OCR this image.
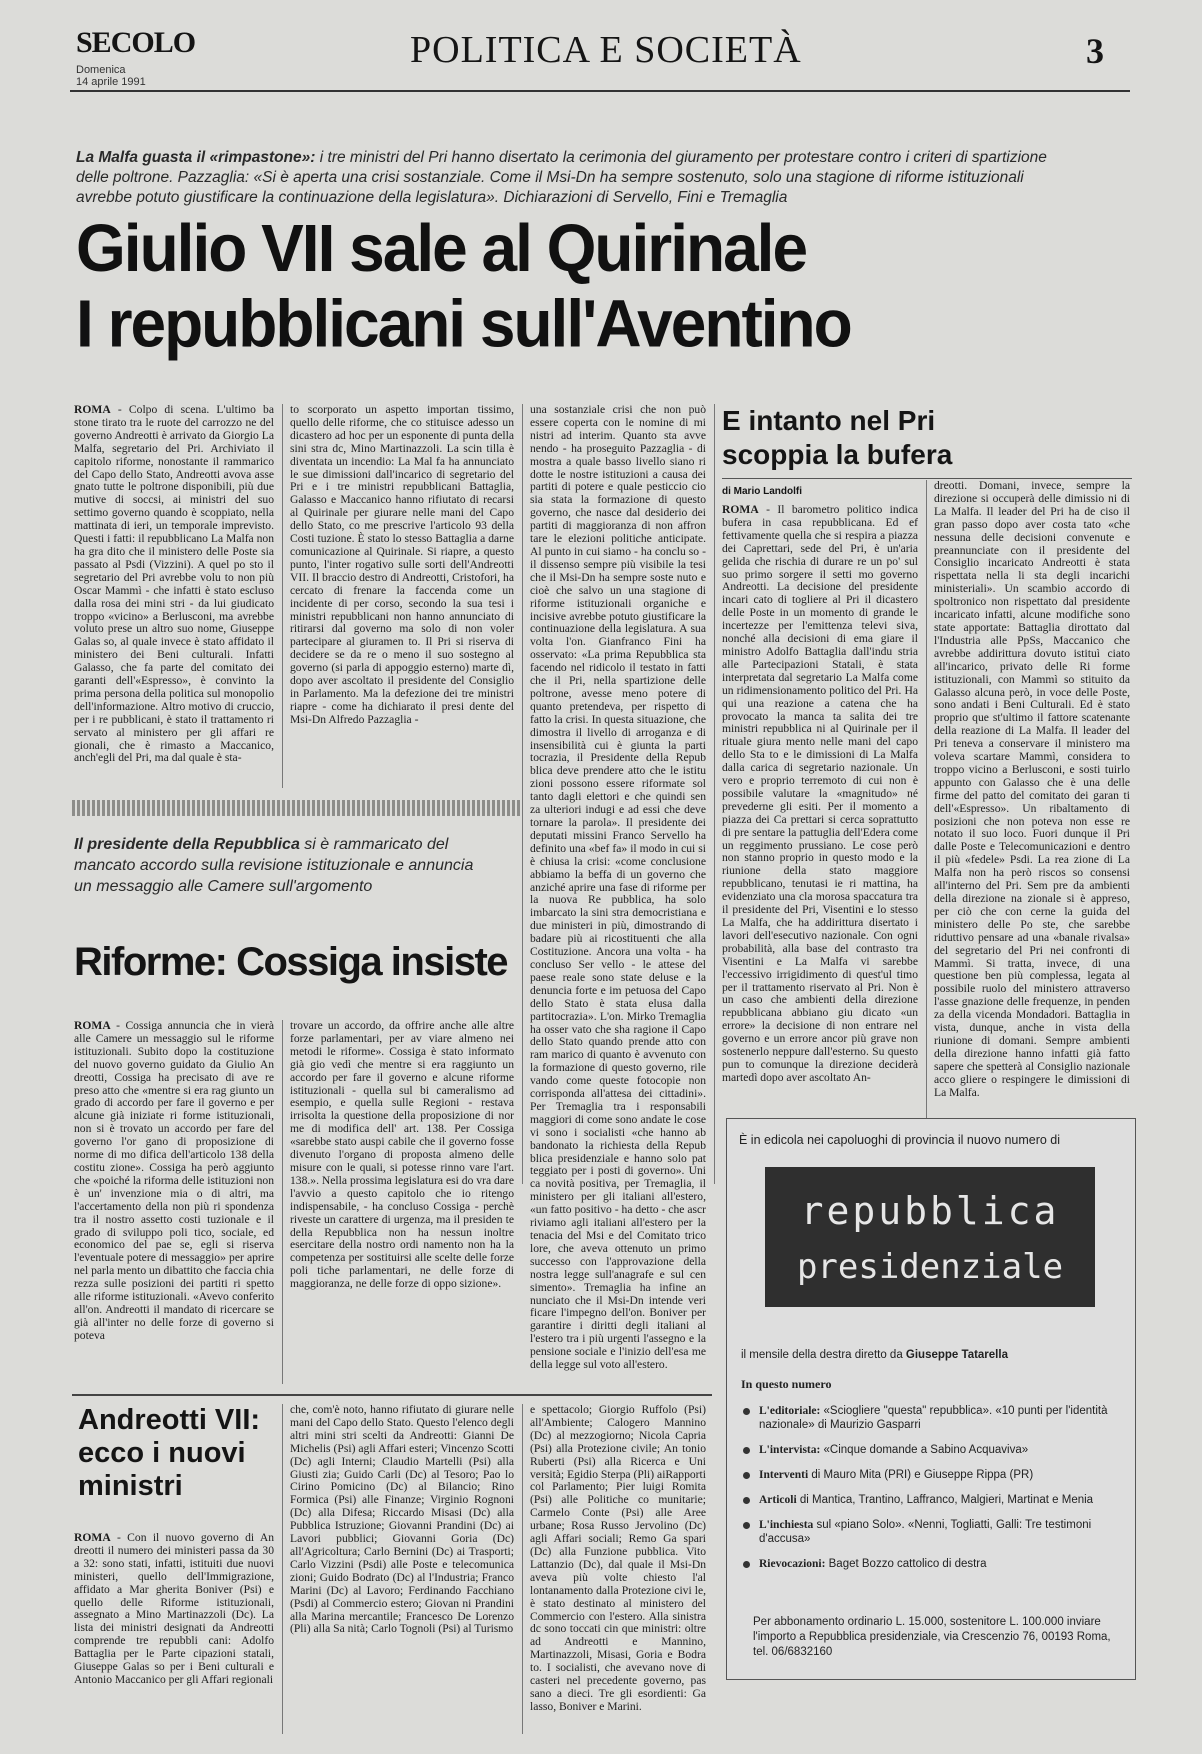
SECOLO
Domenica
14 aprile 1991
POLITICA E SOCIETÀ	3
La Malfa guasta il «rimpastone»: i tre ministri del Pri hanno disertato la cerimonia del giuramento per protestare contro i criteri di spartizione delle poltrone. Pazzaglia: «Si è aperta una crisi sostanziale. Come il Msi-Dn ha sempre sostenuto, solo una stagione di riforme istituzionali avrebbe potuto giustificare la continuazione della legislatura». Dichiarazioni di Servello, Fini e Tremaglia
Giulio VII sale al Quirinale
I repubblicani sull'Aventino
ROMA - Colpo di scena. L'ultimo ba stone tirato tra le ruote del carrozzo ne del governo Andreotti è arrivato da Giorgio La Malfa, segretario del Pri. Archiviato il capitolo riforme, nonostante il rammarico del Capo dello Stato, Andreotti avova asse gnato tutte le poltrone disponibili, più due mutive di soccsi, ai ministri del suo settimo governo quando è scoppiato, nella mattinata di ieri, un temporale imprevisto. Questi i fatti: il repubblicano La Malfa non ha gra dito che il ministero delle Poste sia passato al Psdi (Vizzini). A quel po sto il segretario del Pri avrebbe volu to non più Oscar Mammì - che infatti è stato escluso dalla rosa dei mini stri - da lui giudicato troppo «vicino» a Berlusconi, ma avrebbe voluto prese un altro suo nome, Giuseppe Galas so, al quale invece è stato affidato il ministero dei Beni culturali. Infatti Galasso, che fa parte del comitato dei garanti dell'«Espresso», è convinto la prima persona della politica sul monopolio dell'informazione. Altro motivo di cruccio, per i re pubblicani, è stato il trattamento ri servato al ministero per gli affari re gionali, che è rimasto a Maccanico, anch'egli del Pri, ma dal quale è sta-
to scorporato un aspetto importan tissimo, quello delle riforme, che co stituisce adesso un dicastero ad hoc per un esponente di punta della sini stra dc, Mino Martinazzoli. La scin tilla è diventata un incendio: La Mal fa ha annunciato le sue dimissioni dall'incarico di segretario del Pri e i tre ministri repubblicani Battaglia, Galasso e Maccanico hanno rifiutato di recarsi al Quirinale per giurare nelle mani del Capo dello Stato, co me prescrive l'articolo 93 della Costi tuzione. È stato lo stesso Battaglia a darne comunicazione al Quirinale. Si riapre, a questo punto, l'inter rogativo sulle sorti dell'Andreotti VII. Il braccio destro di Andreotti, Cristofori, ha cercato di frenare la faccenda come un incidente di per corso, secondo la sua tesi i ministri repubblicani non hanno annunciato di ritirarsi dal governo ma solo di non voler partecipare al giuramen to. Il Pri si riserva di decidere se da re o meno il suo sostegno al governo (si parla di appoggio esterno) marte dì, dopo aver ascoltato il presidente del Consiglio in Parlamento. Ma la defezione dei tre ministri riapre - come ha dichiarato il presi dente del Msi-Dn Alfredo Pazzaglia -
una sostanziale crisi che non può essere coperta con le nomine di mi nistri ad interim. Quanto sta avve nendo - ha proseguito Pazzaglia - di mostra a quale basso livello siano ri dotte le nostre istituzioni a causa dei partiti di potere e quale pesticcio cio sia stata la formazione di questo governo, che nasce dal desiderio dei partiti di maggioranza di non affron tare le elezioni politiche anticipate. Al punto in cui siamo - ha conclu so - il dissenso sempre più visibile la tesi che il Msi-Dn ha sempre soste nuto e cioè che salvo un una stagione di riforme istituzionali organiche e incisive avrebbe potuto giustificare la continuazione della legislatura. A sua volta l'on. Gianfranco Fini ha osservato: «La prima Repubblica sta facendo nel ridicolo il testato in fatti che il Pri, nella spartizione delle poltrone, avesse meno potere di quanto pretendeva, per rispetto di fatto la crisi. In questa situazione, che dimostra il livello di arroganza e di insensibilità cui è giunta la parti tocrazia, il Presidente della Repub blica deve prendere atto che le istitu zioni possono essere riformate sol tanto dagli elettori e che quindi sen za ulteriori indugi e ad essi che deve tornare la parola». Il presidente dei deputati missini Franco Servello ha definito una «bef fa» il modo in cui si è chiusa la crisi: «come conclusione abbiamo la beffa di un governo che anziché aprire una fase di riforme per la nuova Re pubblica, ha solo imbarcato la sini stra democristiana e due ministeri in più, dimostrando di badare più ai ricostituenti che alla Costituzione. Ancora una volta - ha concluso Ser vello - le attese del paese reale sono state deluse e la denuncia forte e im petuosa del Capo dello Stato è stata elusa dalla partitocrazia». L'on. Mirko Tremaglia ha osser vato che sha ragione il Capo dello Stato quando prende atto con ram marico di quanto è avvenuto con la formazione di questo governo, rile vando come queste fotocopie non corrisponda all'attesa dei cittadini». Per Tremaglia tra i responsabili maggiori di come sono andate le cose vi sono i socialisti «che hanno ab bandonato la richiesta della Repub blica presidenziale e hanno solo pat teggiato per i posti di governo». Uni ca novità positiva, per Tremaglia, il ministero per gli italiani all'estero, «un fatto positivo - ha detto - che ascr riviamo agli italiani all'estero per la tenacia del Msi e del Comitato trico lore, che aveva ottenuto un primo successo con l'approvazione della nostra legge sull'anagrafe e sul cen simento». Tremaglia ha infine an nunciato che il Msi-Dn intende veri ficare l'impegno dell'on. Boniver per garantire i diritti degli italiani al l'estero tra i più urgenti l'assegno e la pensione sociale e l'inizio dell'esa me della legge sul voto all'estero.
E intanto nel Pri scoppia la bufera
di Mario Landolfi
ROMA - Il barometro politico indica bufera in casa repubblicana. Ed ef fettivamente quella che si respira a piazza dei Caprettari, sede del Pri, è un'aria gelida che rischia di durare re un po' sul suo primo sorgere il setti mo governo Andreotti. La decisione del presidente incari cato di togliere al Pri il dicastero delle Poste in un momento di grande le incertezze per l'emittenza televi siva, nonché alla decisioni di ema giare il ministro Adolfo Battaglia dall'indu stria alle Partecipazioni Statali, è stata interpretata dal segretario La Malfa come un ridimensionamento politico del Pri. Ha qui una reazione a catena che ha provocato la manca ta salita dei tre ministri repubblica ni al Quirinale per il rituale giura mento nelle mani del capo dello Sta to e le dimissioni di La Malfa dalla carica di segretario nazionale. Un vero e proprio terremoto di cui non è possibile valutare la «magnitudo» né prevederne gli esiti. Per il momento a piazza dei Ca prettari si cerca soprattutto di pre sentare la pattuglia dell'Edera come un reggimento prussiano. Le cose però non stanno proprio in questo modo e la riunione della stato maggiore repubblicano, tenutasi ie ri mattina, ha evidenziato una cla morosa spaccatura tra il presidente del Pri, Visentini e lo stesso La Malfa, che ha addirittura disertato i lavori dell'esecutivo nazionale. Con ogni probabilità, alla base del contrasto tra Visentini e La Malfa vi sarebbe l'eccessivo irrigidimento di quest'ul timo per il trattamento riservato al Pri. Non è un caso che ambienti della direzione repubblicana abbiano giu dicato «un errore» la decisione di non entrare nel governo e un errore ancor più grave non sostenerlo neppure dall'esterno. Su questo pun to comunque la direzione deciderà martedì dopo aver ascoltato An-
dreotti. Domani, invece, sempre la direzione si occuperà delle dimissio ni di La Malfa. Il leader del Pri ha de ciso il gran passo dopo aver costa tato «che nessuna delle decisioni convenute e preannunciate con il presidente del Consiglio incaricato Andreotti è stata rispettata nella li sta degli incarichi ministeriali». Un scambio accordo di spoltronico non rispettato dal presidente incaricato infatti, alcune modifiche sono state apportate: Battaglia dirottato dal l'Industria alle PpSs, Maccanico che avrebbe addirittura dovuto istituì ciato all'incarico, privato delle Ri forme istituzionali, con Mammì so stituito da Galasso alcuna però, in voce delle Poste, sono andati i Beni Culturali. Ed è stato proprio que st'ultimo il fattore scatenante della reazione di La Malfa. Il leader del Pri teneva a conservare il ministero ma voleva scartare Mammì, considera to troppo vicino a Berlusconi, e sosti tuirlo appunto con Galasso che è una delle firme del patto del comitato dei garan ti dell'«Espresso». Un ribaltamento di posizioni che non poteva non esse re notato il suo loco. Fuori dunque il Pri dalle Poste e Telecomunicazioni e dentro il più «fedele» Psdi. La rea zione di La Malfa non ha però riscos so consensi all'interno del Pri. Sem pre da ambienti della direzione na zionale si è appreso, per ciò che con cerne la guida del ministero delle Po ste, che sarebbe riduttivo pensare ad una «banale rivalsa» del segretario del Pri nei confronti di Mammì. Si tratta, invece, di una questione ben più complessa, legata al possibile ruolo del ministero attraverso l'asse gnazione delle frequenze, in penden za della vicenda Mondadori. Battaglia in vista, dunque, anche in vista della riunione di domani. Sempre ambienti della direzione hanno infatti già fatto sapere che spetterà al Consiglio nazionale acco gliere o respingere le dimissioni di La Malfa.
Il presidente della Repubblica si è rammaricato del mancato accordo sulla revisione istituzionale e annuncia un messaggio alle Camere sull'argomento
Riforme: Cossiga insiste
ROMA - Cossiga annuncia che in vierà alle Camere un messaggio sul le riforme istituzionali. Subito dopo la costituzione del nuovo governo guidato da Giulio An dreotti, Cossiga ha precisato di ave re preso atto che «mentre si era rag giunto un grado di accordo per fare il governo e per alcune già iniziate ri forme istituzionali, non si è trovato un accordo per fare del governo l'or gano di proposizione di norme di mo difica dell'articolo 138 della costitu zione». Cossiga ha però aggiunto che «poiché la riforma delle istituzioni non è un' invenzione mia o di altri, ma l'accertamento della non più ri spondenza tra il nostro assetto costi tuzionale e il grado di sviluppo poli tico, sociale, ed economico del pae se, egli si riserva l'eventuale potere di messaggio» per aprire nel parla mento un dibattito che faccia chia rezza sulle posizioni dei partiti ri spetto alle riforme istituzionali. «Avevo conferito all'on. Andreotti il mandato di ricercare se già all'inter no delle forze di governo si poteva
trovare un accordo, da offrire anche alle altre forze parlamentari, per av viare almeno nei metodi le riforme». Cossiga è stato informato già gio vedì che mentre si era raggiunto un accordo per fare il governo e alcune riforme istituzionali - quella sul bi cameralismo ad esempio, e quella sulle Regioni - restava irrisolta la questione della proposizione di nor me di modifica dell' art. 138. Per Cossiga «sarebbe stato auspi cabile che il governo fosse divenuto l'organo di proposta almeno delle misure con le quali, si potesse rinno vare l'art. 138.». Nella prossima legislatura esi do vra dare l'avvio a questo capitolo che io ritengo indispensabile, - ha concluso Cossiga - perchè riveste un carattere di urgenza, ma il presiden te della Repubblica non ha nessun inoltre esercitare della nostro ordi namento non ha la competenza per sostituirsi alle scelte delle forze poli tiche parlamentari, ne delle forze di maggioranza, ne delle forze di oppo sizione».
Andreotti VII: ecco i nuovi ministri
ROMA - Con il nuovo governo di An dreotti il numero dei ministeri passa da 30 a 32: sono stati, infatti, istituiti due nuovi ministeri, quello dell'Immigrazione, affidato a Mar gherita Boniver (Psi) e quello delle Riforme istituzionali, assegnato a Mino Martinazzoli (Dc). La lista dei ministri designati da Andreotti comprende tre repubbli cani: Adolfo Battaglia per le Parte cipazioni statali, Giuseppe Galas so per i Beni culturali e Antonio Maccanico per gli Affari regionali
che, com'è noto, hanno rifiutato di giurare nelle mani del Capo dello Stato. Questo l'elenco degli altri mini stri scelti da Andreotti: Gianni De Michelis (Psi) agli Affari esteri; Vincenzo Scotti (Dc) agli Interni; Claudio Martelli (Psi) alla Giusti zia; Guido Carli (Dc) al Tesoro; Pao lo Cirino Pomicino (Dc) al Bilancio; Rino Formica (Psi) alle Finanze; Virginio Rognoni (Dc) alla Difesa; Riccardo Misasi (Dc) alla Pubblica Istruzione; Giovanni Prandini (Dc) ai Lavori pubblici; Giovanni Goria (Dc) all'Agricoltura; Carlo Bernini (Dc) ai Trasporti; Carlo Vizzini (Psdi) alle Poste e telecomunica zioni; Guido Bodrato (Dc) al l'Industria; Franco Marini (Dc) al Lavoro; Ferdinando Facchiano (Psdi) al Commercio estero; Giovan ni Prandini alla Marina mercantile; Francesco De Lorenzo (Pli) alla Sa nità; Carlo Tognoli (Psi) al Turismo
e spettacolo; Giorgio Ruffolo (Psi) all'Ambiente; Calogero Mannino (Dc) al mezzogiorno; Nicola Capria (Psi) alla Protezione civile; An tonio Ruberti (Psi) alla Ricerca e Uni versità; Egidio Sterpa (Pli) aiRapporti col Parlamento; Pier luigi Romita (Psi) alle Politiche co munitarie; Carmelo Conte (Psi) alle Aree urbane; Rosa Russo Jervolino (Dc) agli Affari sociali; Remo Ga spari (Dc) alla Funzione pubblica. Vito Lattanzio (Dc), dal quale il Msi-Dn aveva più volte chiesto l'al lontanamento dalla Protezione civi le, è stato destinato al ministero del Commercio con l'estero. Alla sinistra dc sono toccati cin que ministri: oltre ad Andreotti e Mannino, Martinazzoli, Misasi, Goria e Bodra to. I socialisti, che avevano nove di casteri nel precedente governo, pas sano a dieci. Tre gli esordienti: Ga lasso, Boniver e Marini.
È in edicola nei capoluoghi di provincia il nuovo numero di
repubblica
presidenziale
il mensile della destra diretto da Giuseppe Tatarella
In questo numero
L'editoriale: «Sciogliere "questa" repubblica». «10 punti per l'identità nazionale» di Maurizio Gasparri
L'intervista: «Cinque domande a Sabino Acquaviva»
Interventi di Mauro Mita (PRI) e Giuseppe Rippa (PR)
Articoli di Mantica, Trantino, Laffranco, Malgieri, Martinat e Menia
L'inchiesta sul «piano Solo». «Nenni, Togliatti, Galli: Tre testimoni d'accusa»
Rievocazioni: Baget Bozzo cattolico di destra
Per abbonamento ordinario L. 15.000, sostenitore L. 100.000 inviare l'importo a Repubblica presidenziale, via Crescenzio 76, 00193 Roma, tel. 06/6832160
